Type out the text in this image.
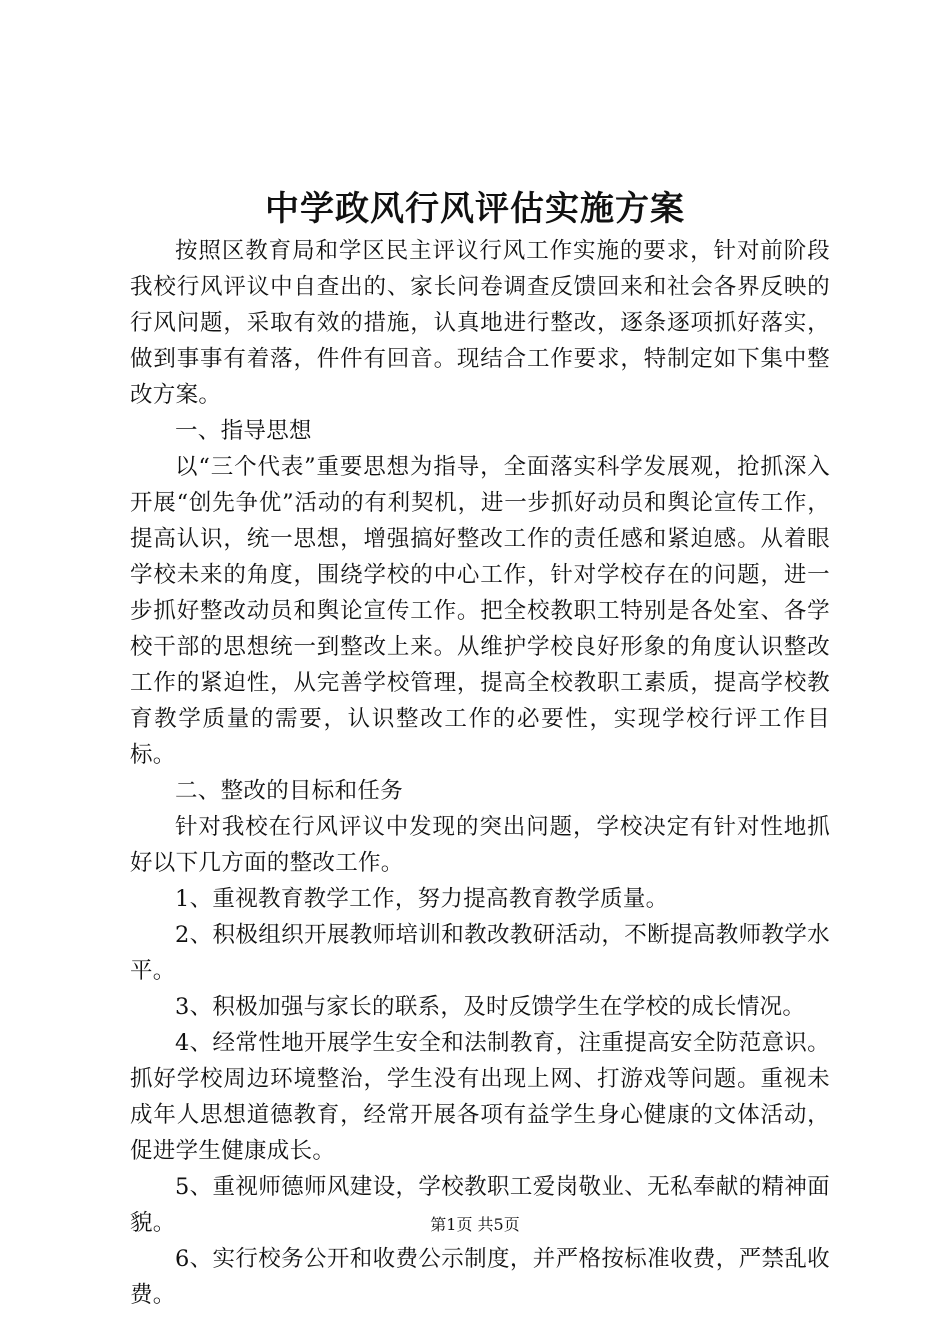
中学政风行风评估实施方案

按照区教育局和学区民主评议行风工作实施的要求，针对前阶段我校行风评议中自查出的、家长问卷调查反馈回来和社会各界反映的行风问题，采取有效的措施，认真地进行整改，逐条逐项抓好落实，做到事事有着落，件件有回音。现结合工作要求，特制定如下集中整改方案。

一、指导思想

以“三个代表”重要思想为指导，全面落实科学发展观，抢抓深入开展“创先争优”活动的有利契机，进一步抓好动员和舆论宣传工作，提高认识，统一思想，增强搞好整改工作的责任感和紧迫感。从着眼学校未来的角度，围绕学校的中心工作，针对学校存在的问题，进一步抓好整改动员和舆论宣传工作。把全校教职工特别是各处室、各学校干部的思想统一到整改上来。从维护学校良好形象的角度认识整改工作的紧迫性，从完善学校管理，提高全校教职工素质，提高学校教育教学质量的需要，认识整改工作的必要性，实现学校行评工作目标。

二、整改的目标和任务

针对我校在行风评议中发现的突出问题，学校决定有针对性地抓好以下几方面的整改工作。

1、重视教育教学工作，努力提高教育教学质量。

2、积极组织开展教师培训和教改教研活动，不断提高教师教学水平。

3、积极加强与家长的联系，及时反馈学生在学校的成长情况。

4、经常性地开展学生安全和法制教育，注重提高安全防范意识。抓好学校周边环境整治，学生没有出现上网、打游戏等问题。重视未成年人思想道德教育，经常开展各项有益学生身心健康的文体活动，促进学生健康成长。

5、重视师德师风建设，学校教职工爱岗敬业、无私奉献的精神面貌。

6、实行校务公开和收费公示制度，并严格按标准收费，严禁乱收费。

第1页 共5页
